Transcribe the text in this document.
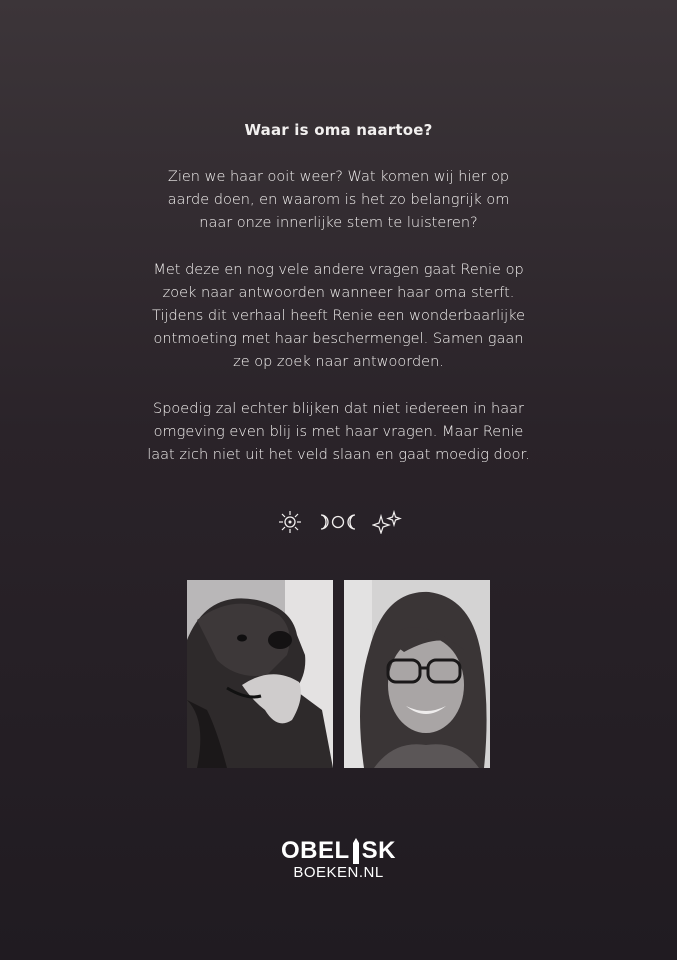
Waar is oma naartoe?
Zien we haar ooit weer? Wat komen wij hier op
aarde doen, en waarom is het zo belangrijk om
naar onze innerlijke stem te luisteren?
Met deze en nog vele andere vragen gaat Renie op
zoek naar antwoorden wanneer haar oma sterft.
Tijdens dit verhaal heeft Renie een wonderbaarlijke
ontmoeting met haar beschermengel. Samen gaan
ze op zoek naar antwoorden.
Spoedig zal echter blijken dat niet iedereen in haar
omgeving even blij is met haar vragen. Maar Renie
laat zich niet uit het veld slaan en gaat moedig door.
OBEL SK
BOEKEN.NL
